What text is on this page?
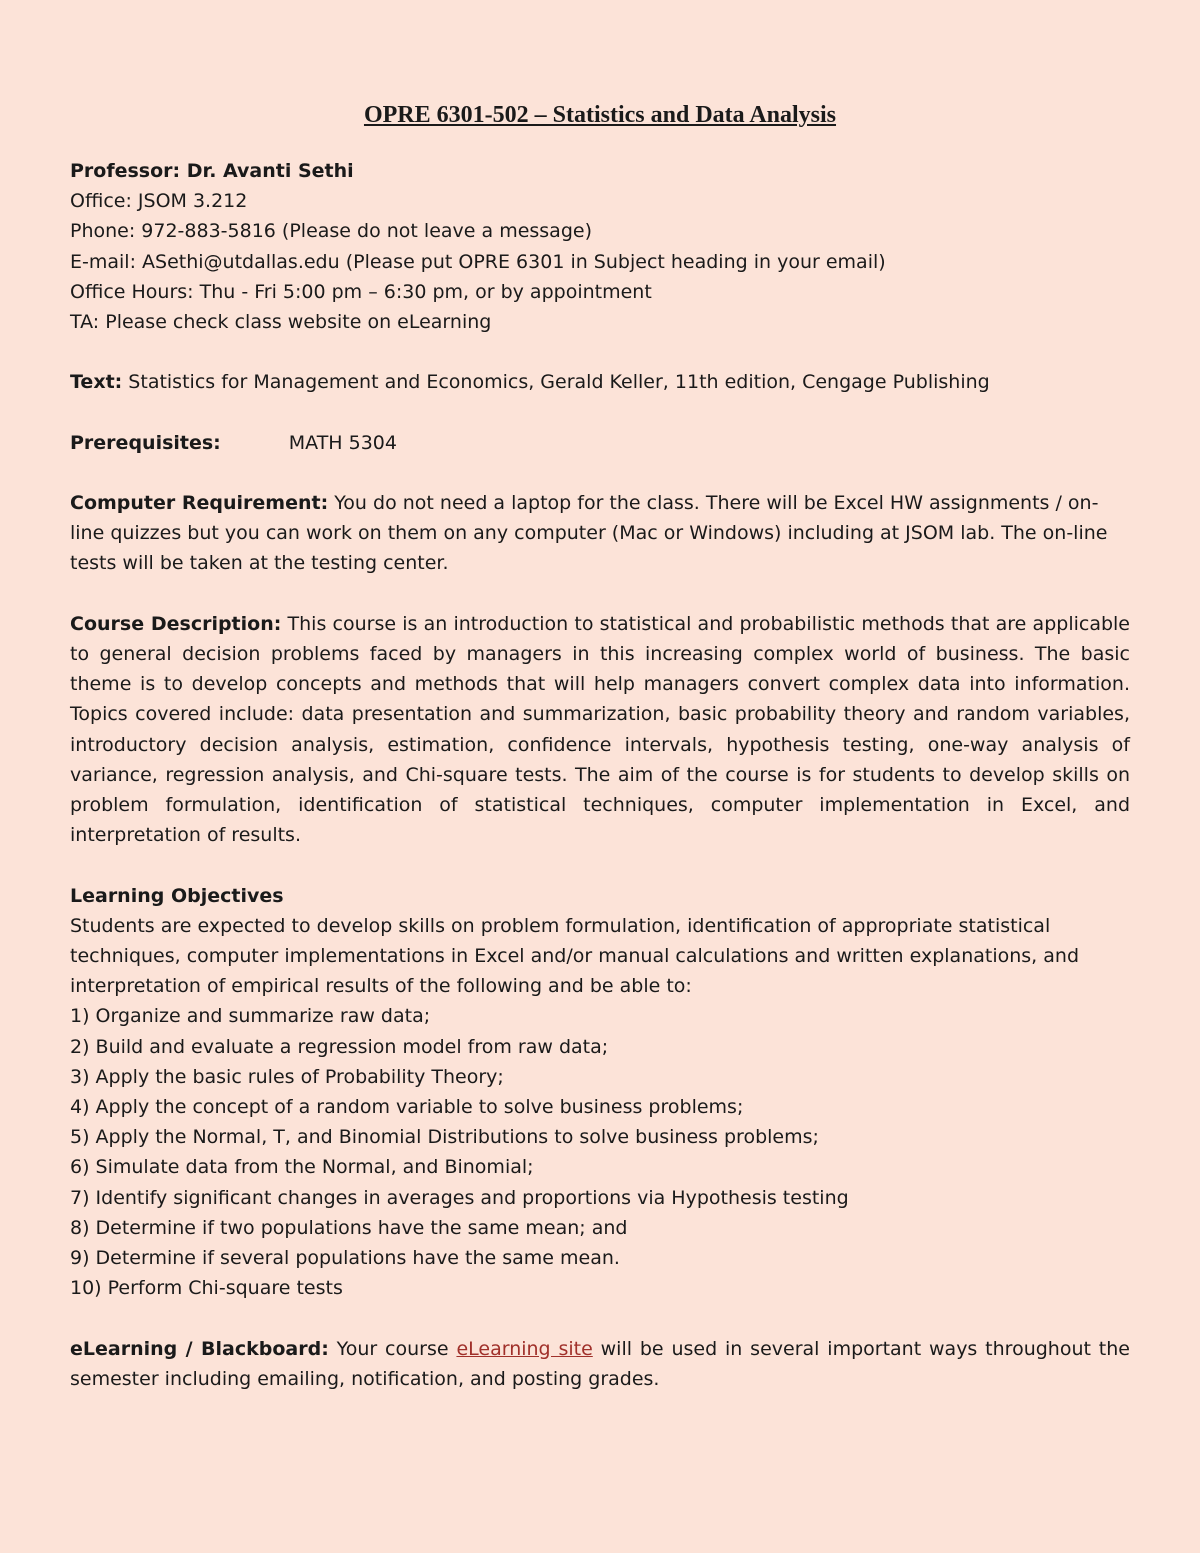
OPRE 6301-502 – Statistics and Data Analysis
Professor: Dr. Avanti Sethi
Office: JSOM 3.212
Phone: 972-883-5816 (Please do not leave a message)
E-mail: ASethi@utdallas.edu (Please put OPRE 6301 in Subject heading in your email)
Office Hours: Thu - Fri 5:00 pm – 6:30 pm, or by appointment
TA: Please check class website on eLearning
Text: Statistics for Management and Economics, Gerald Keller, 11th edition, Cengage Publishing
Prerequisites:	MATH 5304

Computer Requirement: You do not need a laptop for the class. There will be Excel HW assignments / on-line quizzes but you can work on them on any computer (Mac or Windows) including at JSOM lab. The on-line tests will be taken at the testing center.

Course Description: This course is an introduction to statistical and probabilistic methods that are applicable to general decision problems faced by managers in this increasing complex world of business. The basic theme is to develop concepts and methods that will help managers convert complex data into information. Topics covered include: data presentation and summarization, basic probability theory and random variables, introductory decision analysis, estimation, confidence intervals, hypothesis testing, one-way analysis of variance, regression analysis, and Chi-square tests. The aim of the course is for students to develop skills on problem formulation, identification of statistical techniques, computer implementation in Excel, and interpretation of results.

Learning Objectives

Students are expected to develop skills on problem formulation, identification of appropriate statistical techniques, computer implementations in Excel and/or manual calculations and written explanations, and interpretation of empirical results of the following and be able to:

1) Organize and summarize raw data;
2) Build and evaluate a regression model from raw data;
3) Apply the basic rules of Probability Theory;
4) Apply the concept of a random variable to solve business problems;
5) Apply the Normal, T, and Binomial Distributions to solve business problems;
6) Simulate data from the Normal, and Binomial;
7) Identify significant changes in averages and proportions via Hypothesis testing
8) Determine if two populations have the same mean; and
9) Determine if several populations have the same mean.
10) Perform Chi-square tests

eLearning / Blackboard: Your course eLearning site will be used in several important ways throughout the semester including emailing, notification, and posting grades.
